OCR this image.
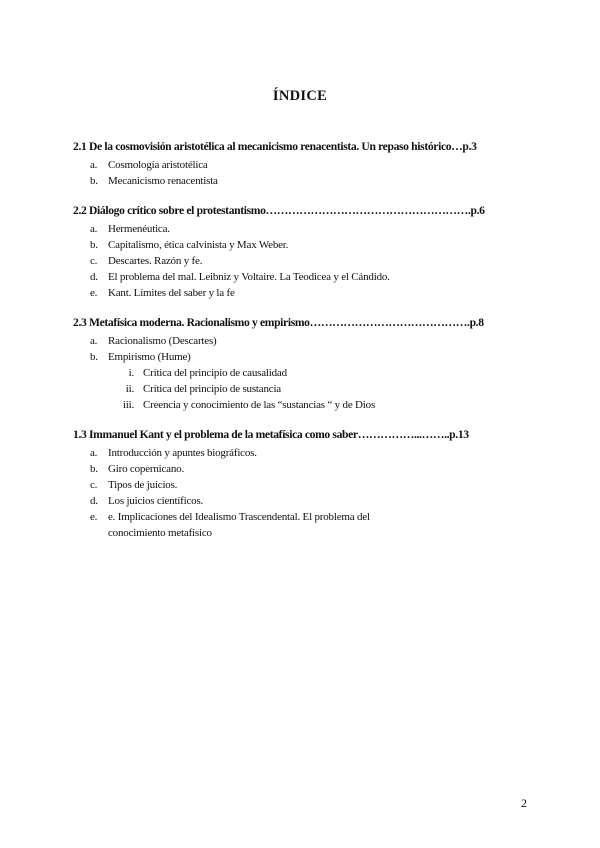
ÍNDICE
2.1 De la cosmovisión aristotélica al mecanicismo renacentista. Un repaso histórico…p.3
a. Cosmología aristotélica
b. Mecanicismo renacentista
2.2 Diálogo crítico sobre el protestantismo……………………………………………….p.6
a. Hermenéutica.
b. Capitalismo, ética calvinista y Max Weber.
c. Descartes. Razón y fe.
d. El problema del mal. Leibniz y Voltaire. La Teodicea y el Cándido.
e. Kant. Límites del saber y la fe
2.3 Metafísica moderna. Racionalismo y empirismo…………………………………….p.8
a. Racionalismo (Descartes)
b. Empirismo (Hume)
i. Crítica del principio de causalidad
ii. Crítica del principio de sustancia
iii. Creencia y conocimiento de las “sustancias “ y de Dios
1.3 Immanuel Kant y el problema de la metafísica como saber……………...……..p.13
a. Introducción y apuntes biográficos.
b. Giro copernicano.
c. Tipos de juicios.
d. Los juicios científicos.
e. e. Implicaciones del Idealismo Trascendental. El problema del conocimiento metafísico
2
